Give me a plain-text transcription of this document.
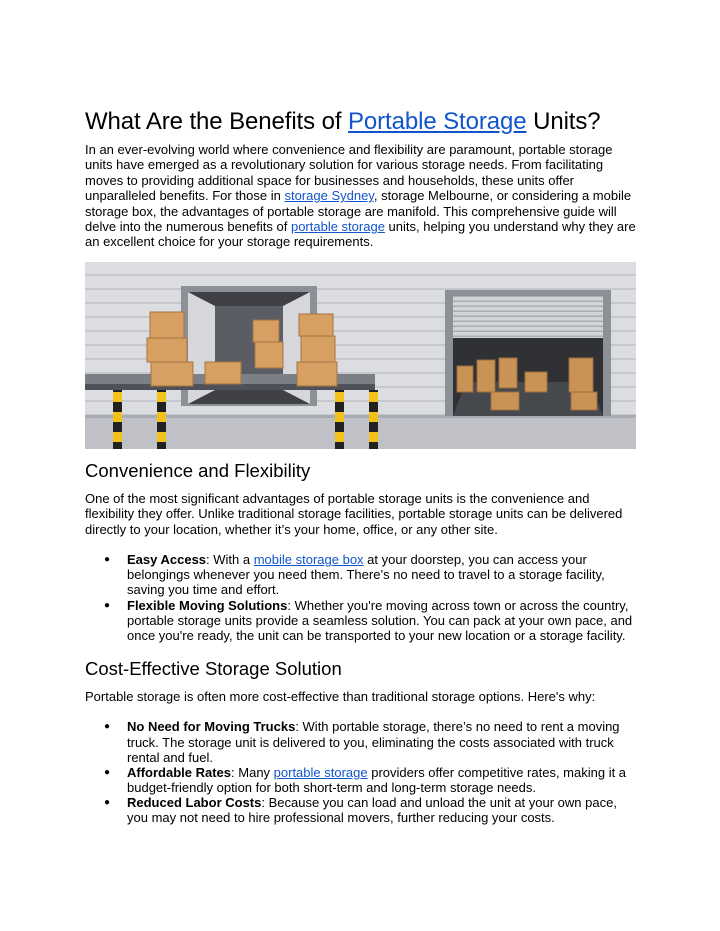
What Are the Benefits of Portable Storage Units?

In an ever-evolving world where convenience and flexibility are paramount, portable storage units have emerged as a revolutionary solution for various storage needs. From facilitating moves to providing additional space for businesses and households, these units offer unparalleled benefits. For those in storage Sydney, storage Melbourne, or considering a mobile storage box, the advantages of portable storage are manifold. This comprehensive guide will delve into the numerous benefits of portable storage units, helping you understand why they are an excellent choice for your storage requirements.

Convenience and Flexibility

One of the most significant advantages of portable storage units is the convenience and flexibility they offer. Unlike traditional storage facilities, portable storage units can be delivered directly to your location, whether it’s your home, office, or any other site.

● Easy Access: With a mobile storage box at your doorstep, you can access your belongings whenever you need them. There’s no need to travel to a storage facility, saving you time and effort.
● Flexible Moving Solutions: Whether you're moving across town or across the country, portable storage units provide a seamless solution. You can pack at your own pace, and once you're ready, the unit can be transported to your new location or a storage facility.
Cost-Effective Storage Solution

Portable storage is often more cost-effective than traditional storage options. Here's why:

● No Need for Moving Trucks: With portable storage, there’s no need to rent a moving truck. The storage unit is delivered to you, eliminating the costs associated with truck rental and fuel.
● Affordable Rates: Many portable storage providers offer competitive rates, making it a budget-friendly option for both short-term and long-term storage needs.
● Reduced Labor Costs: Because you can load and unload the unit at your own pace, you may not need to hire professional movers, further reducing your costs.
